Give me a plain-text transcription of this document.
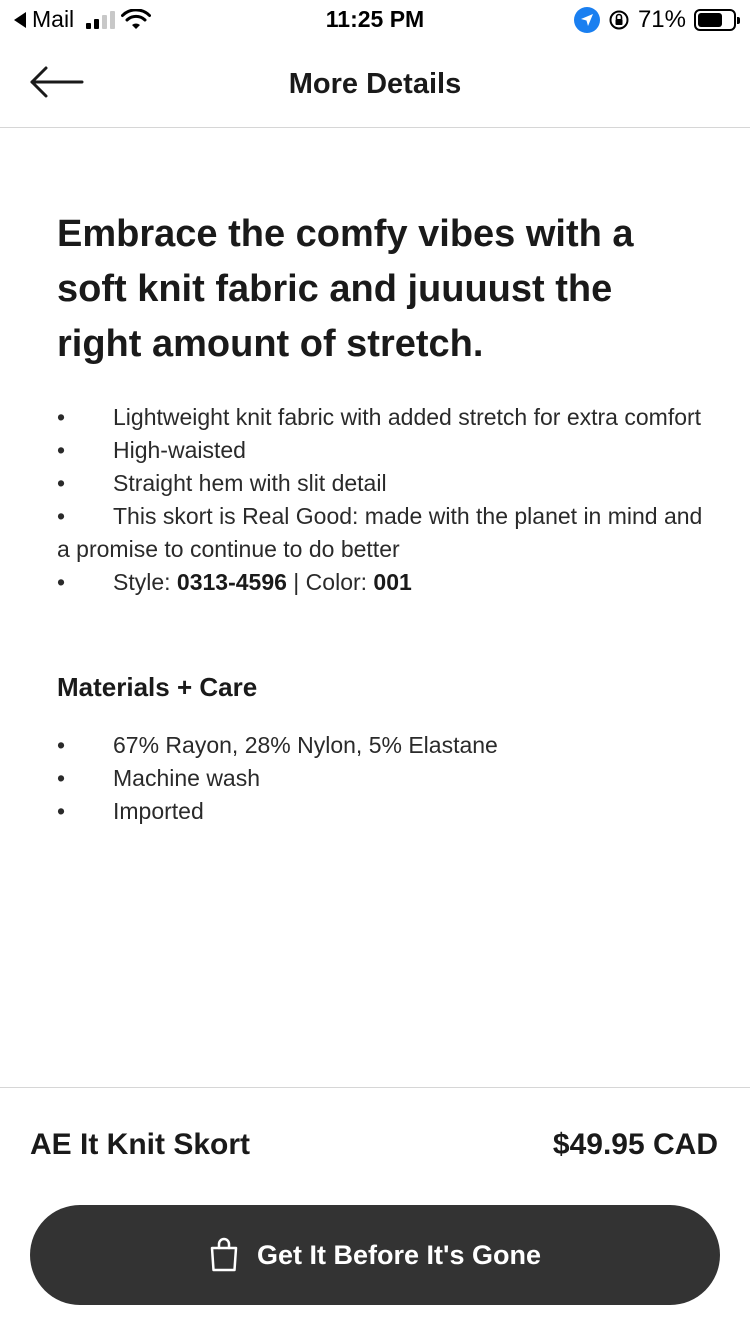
Mail	11:25 PM	71%
More Details
Embrace the comfy vibes with a soft knit fabric and juuuust the right amount of stretch.
• Lightweight knit fabric with added stretch for extra comfort
• High-waisted
• Straight hem with slit detail
• This skort is Real Good: made with the planet in mind and a promise to continue to do better
• Style: 0313-4596 | Color: 001
Materials + Care
• 67% Rayon, 28% Nylon, 5% Elastane
• Machine wash
• Imported
AE It Knit Skort	$49.95 CAD
Get It Before It's Gone
